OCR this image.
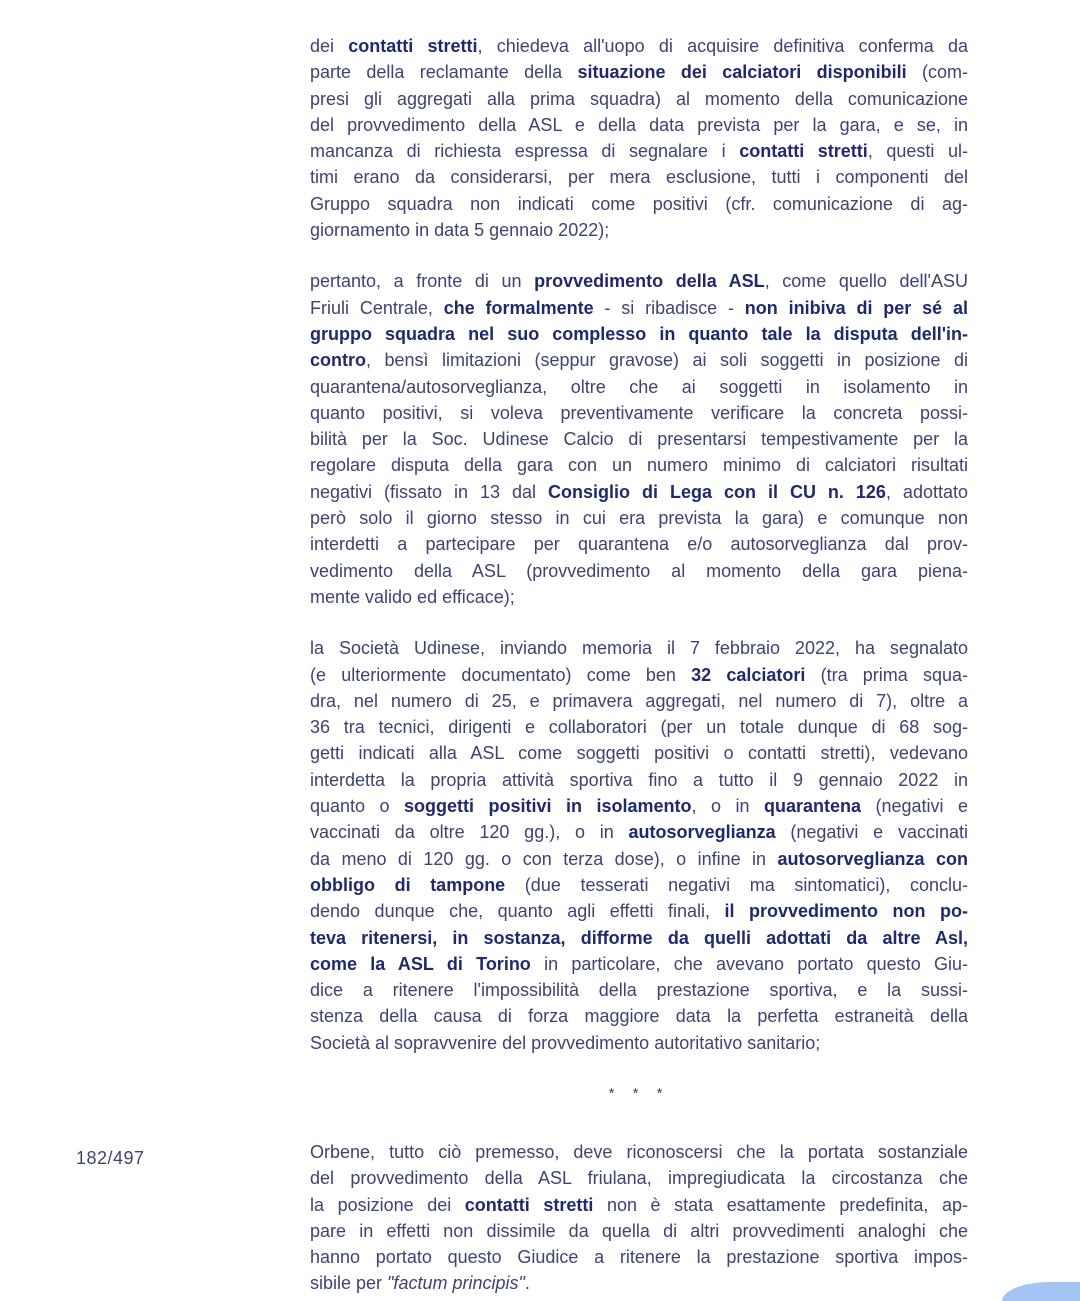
182/497
dei contatti stretti, chiedeva all'uopo di acquisire definitiva conferma da
parte della reclamante della situazione dei calciatori disponibili (com-
presi gli aggregati alla prima squadra) al momento della comunicazione
del provvedimento della ASL e della data prevista per la gara, e se, in
mancanza di richiesta espressa di segnalare i contatti stretti, questi ul-
timi erano da considerarsi, per mera esclusione, tutti i componenti del
Gruppo squadra non indicati come positivi (cfr. comunicazione di ag-
giornamento in data 5 gennaio 2022);
pertanto, a fronte di un provvedimento della ASL, come quello dell'ASU
Friuli Centrale, che formalmente - si ribadisce - non inibiva di per sé al
gruppo squadra nel suo complesso in quanto tale la disputa dell'in-
contro, bensì limitazioni (seppur gravose) ai soli soggetti in posizione di
quarantena/autosorveglianza, oltre che ai soggetti in isolamento in
quanto positivi, si voleva preventivamente verificare la concreta possi-
bilità per la Soc. Udinese Calcio di presentarsi tempestivamente per la
regolare disputa della gara con un numero minimo di calciatori risultati
negativi (fissato in 13 dal Consiglio di Lega con il CU n. 126, adottato
però solo il giorno stesso in cui era prevista la gara) e comunque non
interdetti a partecipare per quarantena e/o autosorveglianza dal prov-
vedimento della ASL (provvedimento al momento della gara piena-
mente valido ed efficace);
la Società Udinese, inviando memoria il 7 febbraio 2022, ha segnalato
(e ulteriormente documentato) come ben 32 calciatori (tra prima squa-
dra, nel numero di 25, e primavera aggregati, nel numero di 7), oltre a
36 tra tecnici, dirigenti e collaboratori (per un totale dunque di 68 sog-
getti indicati alla ASL come soggetti positivi o contatti stretti), vedevano
interdetta la propria attività sportiva fino a tutto il 9 gennaio 2022 in
quanto o soggetti positivi in isolamento, o in quarantena (negativi e
vaccinati da oltre 120 gg.), o in autosorveglianza (negativi e vaccinati
da meno di 120 gg. o con terza dose), o infine in autosorveglianza con
obbligo di tampone (due tesserati negativi ma sintomatici), conclu-
dendo dunque che, quanto agli effetti finali, il provvedimento non po-
teva ritenersi, in sostanza, difforme da quelli adottati da altre Asl,
come la ASL di Torino in particolare, che avevano portato questo Giu-
dice a ritenere l'impossibilità della prestazione sportiva, e la sussi-
stenza della causa di forza maggiore data la perfetta estraneità della
Società al sopravvenire del provvedimento autoritativo sanitario;
* * *
Orbene, tutto ciò premesso, deve riconoscersi che la portata sostanziale
del provvedimento della ASL friulana, impregiudicata la circostanza che
la posizione dei contatti stretti non è stata esattamente predefinita, ap-
pare in effetti non dissimile da quella di altri provvedimenti analoghi che
hanno portato questo Giudice a ritenere la prestazione sportiva impos-
sibile per "factum principis".
